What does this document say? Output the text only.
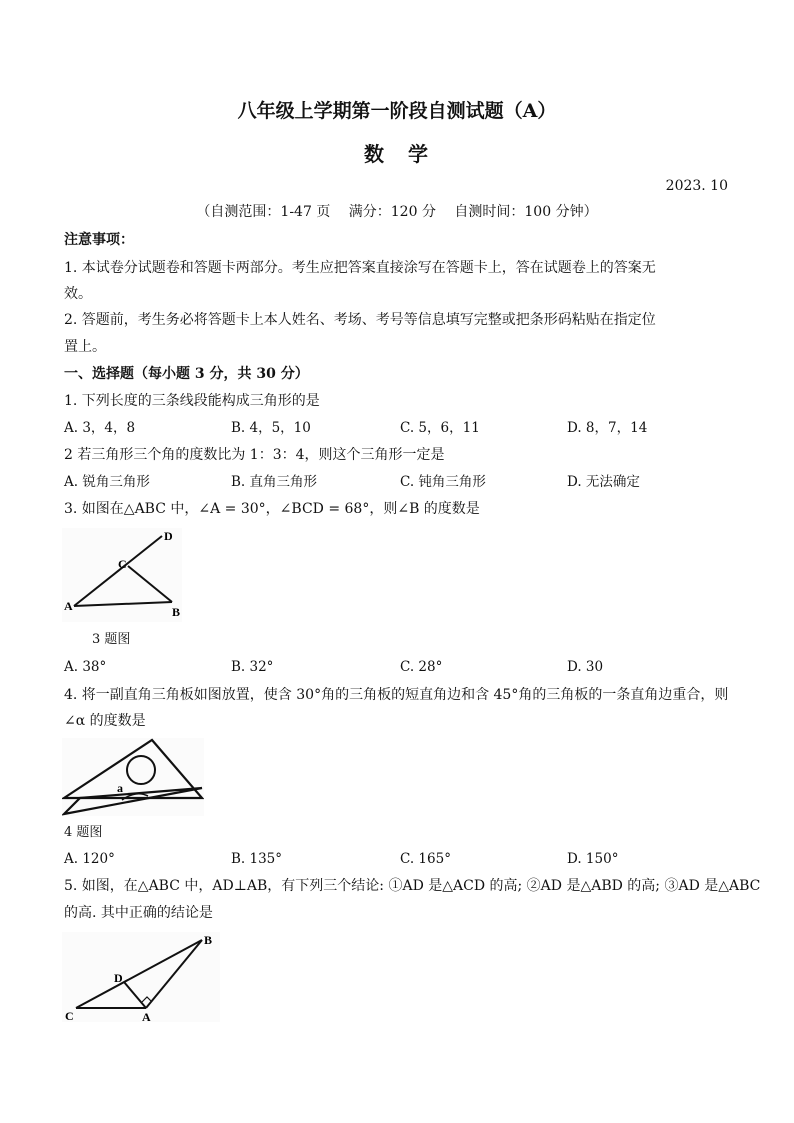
八年级上学期第一阶段自测试题（A）
数　学
2023. 10
（自测范围：1-47 页　 满分：120 分　 自测时间：100 分钟）
注意事项：
1. 本试卷分试题卷和答题卡两部分。考生应把答案直接涂写在答题卡上，答在试题卷上的答案无
效。
2. 答题前，考生务必将答题卡上本人姓名、考场、考号等信息填写完整或把条形码粘贴在指定位
置上。
一、选择题（每小题 3 分，共 30 分）
1. 下列长度的三条线段能构成三角形的是
A. 3，4，8	B. 4，5，10	C. 5，6，11	D. 8，7，14
2 若三角形三个角的度数比为 1：3：4，则这个三角形一定是
A. 锐角三角形	B. 直角三角形	C. 钝角三角形	D. 无法确定
3. 如图在△ABC 中，∠A = 30°，∠BCD = 68°，则∠B 的度数是
A	B
C
D
3 题图
A. 38°	B. 32°	C. 28°	D. 30
4. 将一副直角三角板如图放置，使含 30°角的三角板的短直角边和含 45°角的三角板的一条直角边重合，则
∠α 的度数是
a
4 题图
A. 120°	B. 135°	C. 165°	D. 150°
5. 如图，在△ABC 中，AD⊥AB，有下列三个结论: ①AD 是△ACD 的高; ②AD 是△ABD 的高; ③AD 是△ABC
的高. 其中正确的结论是
C	A
B
D
